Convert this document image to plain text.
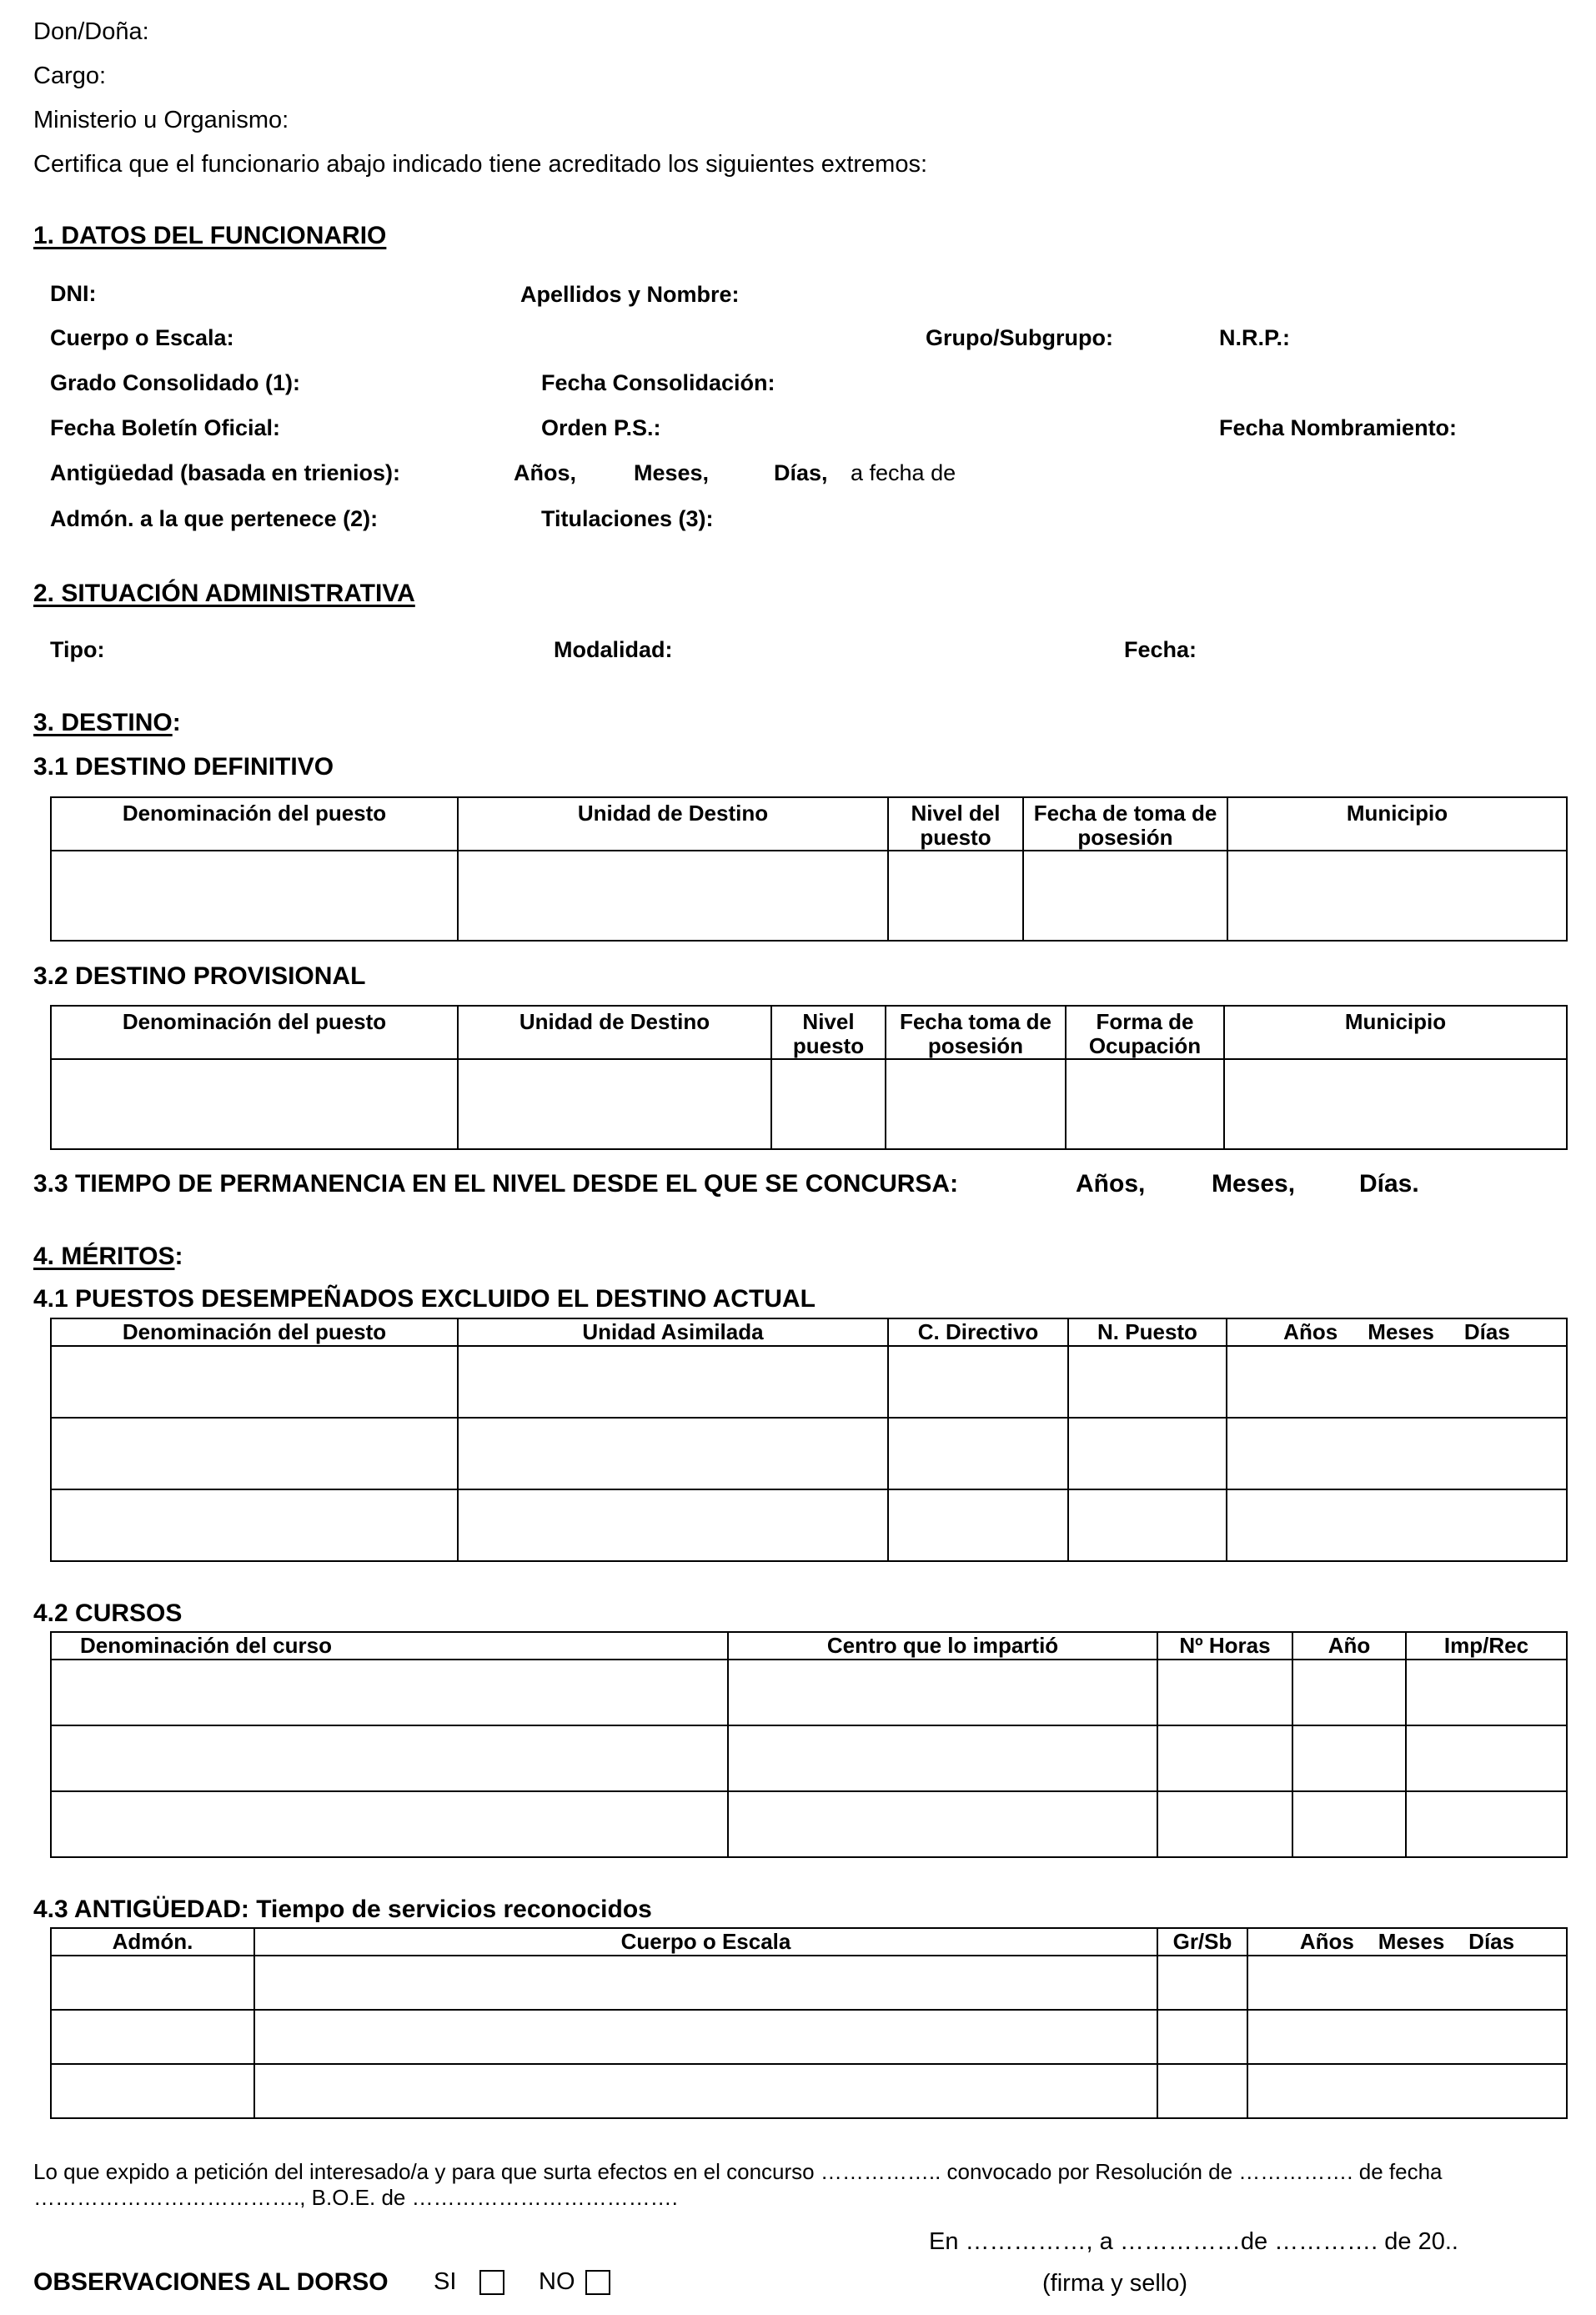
Don/Doña:
Cargo:
Ministerio u Organismo:
Certifica que el funcionario abajo indicado tiene acreditado los siguientes extremos:
1. DATOS DEL FUNCIONARIO
DNI:	Apellidos y Nombre:
Cuerpo o Escala:	Grupo/Subgrupo:	N.R.P.:
Grado Consolidado (1):	Fecha Consolidación:
Fecha Boletín Oficial:	Orden P.S.:	Fecha Nombramiento:
Antigüedad (basada en trienios):	Años,	Meses,	Días, a fecha de
Admón. a la que pertenece (2):	Titulaciones (3):
2. SITUACIÓN ADMINISTRATIVA
Tipo:	Modalidad:	Fecha:
3. DESTINO:
3.1 DESTINO DEFINITIVO
Denominación del puesto	Unidad de Destino	Nivel del puesto	Fecha de toma de posesión	Municipio

3.2 DESTINO PROVISIONAL
Denominación del puesto	Unidad de Destino	Nivel puesto	Fecha toma de posesión	Forma de Ocupación	Municipio

3.3 TIEMPO DE PERMANENCIA EN EL NIVEL DESDE EL QUE SE CONCURSA:	Años,	Meses,	Días.
4. MÉRITOS:
4.1 PUESTOS DESEMPEÑADOS EXCLUIDO EL DESTINO ACTUAL
Denominación del puesto	Unidad Asimilada	C. Directivo	N. Puesto	Años     Meses     Días

4.2 CURSOS
Denominación del curso	Centro que lo impartió	Nº Horas	Año	Imp/Rec

4.3 ANTIGÜEDAD: Tiempo de servicios reconocidos
Admón.	Cuerpo o Escala	Gr/Sb	Años    Meses    Días

Lo que expido a petición del interesado/a y para que surta efectos en el concurso …………….. convocado por Resolución de ……………. de fecha
………………………………., B.O.E. de ……………………………….
En ……………, a ……………de …………. de 20..
OBSERVACIONES AL DORSO SI	NO	(firma y sello)
